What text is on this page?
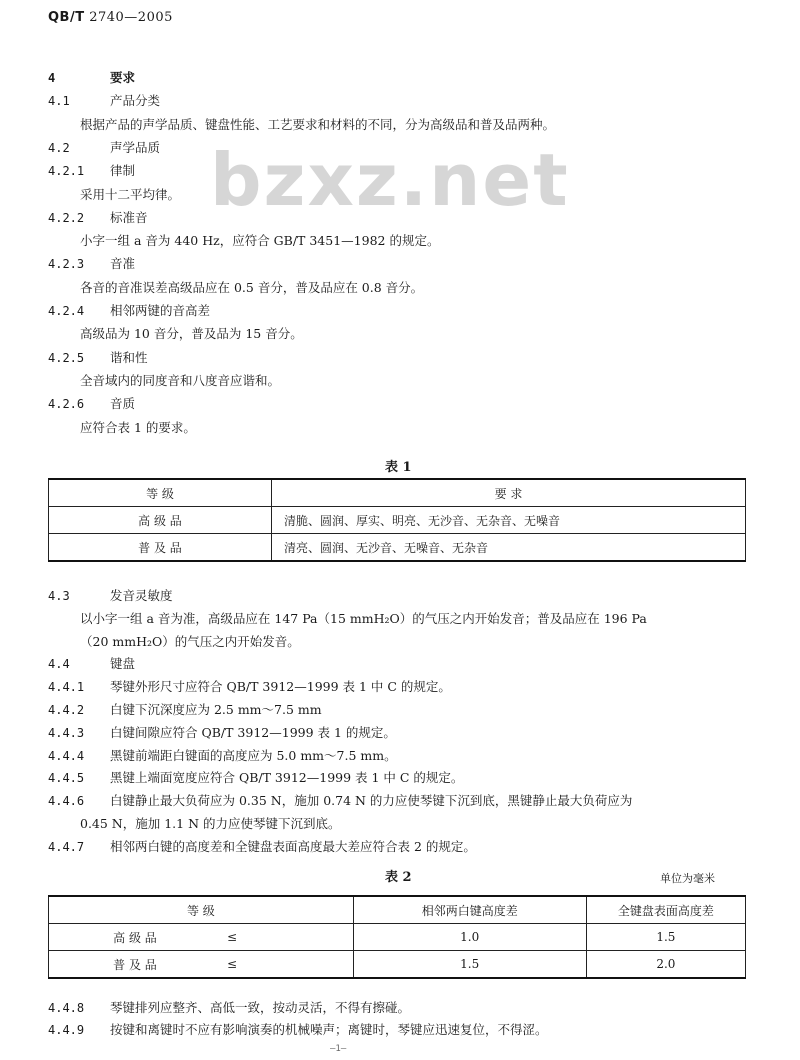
QB/T 2740—2005
bzxz.net
4	要求
4.1	产品分类
根据产品的声学品质、键盘性能、工艺要求和材料的不同，分为高级品和普及品两种。
4.2	声学品质
4.2.1 律制
采用十二平均律。
4.2.2 标准音
小字一组 a 音为 440 Hz，应符合 GB/T 3451—1982 的规定。
4.2.3 音准
各音的音准误差高级品应在 0.5 音分，普及品应在 0.8 音分。
4.2.4 相邻两键的音高差
高级品为 10 音分，普及品为 15 音分。
4.2.5 谐和性
全音域内的同度音和八度音应谐和。
4.2.6 音质
应符合表 1 的要求。
表 1
等 级	要 求
高 级 品	清脆、圆润、厚实、明亮、无沙音、无杂音、无噪音
普 及 品	清亮、圆润、无沙音、无噪音、无杂音
4.3	发音灵敏度
以小字一组 a 音为准，高级品应在 147 Pa（15 mmH₂O）的气压之内开始发音；普及品应在 196 Pa
（20 mmH₂O）的气压之内开始发音。
4.4	键盘
4.4.1 琴键外形尺寸应符合 QB/T 3912—1999 表 1 中 C 的规定。
4.4.2 白键下沉深度应为 2.5 mm～7.5 mm
4.4.3 白键间隙应符合 QB/T 3912—1999 表 1 的规定。
4.4.4 黑键前端距白键面的高度应为 5.0 mm～7.5 mm。
4.4.5 黑键上端面宽度应符合 QB/T 3912—1999 表 1 中 C 的规定。
4.4.6 白键静止最大负荷应为 0.35 N，施加 0.74 N 的力应使琴键下沉到底，黑键静止最大负荷应为
0.45 N，施加 1.1 N 的力应使琴键下沉到底。
4.4.7 相邻两白键的高度差和全键盘表面高度最大差应符合表 2 的规定。
表 2	单位为毫米
等 级		相邻两白键高度差	全键盘表面高度差
高 级 品	≤	1.0	1.5
普 及 品	≤	1.5	2.0
4.4.8 琴键排列应整齐、高低一致，按动灵活，不得有擦碰。
4.4.9 按键和离键时不应有影响演奏的机械噪声；离键时，琴键应迅速复位，不得涩。
—1—
